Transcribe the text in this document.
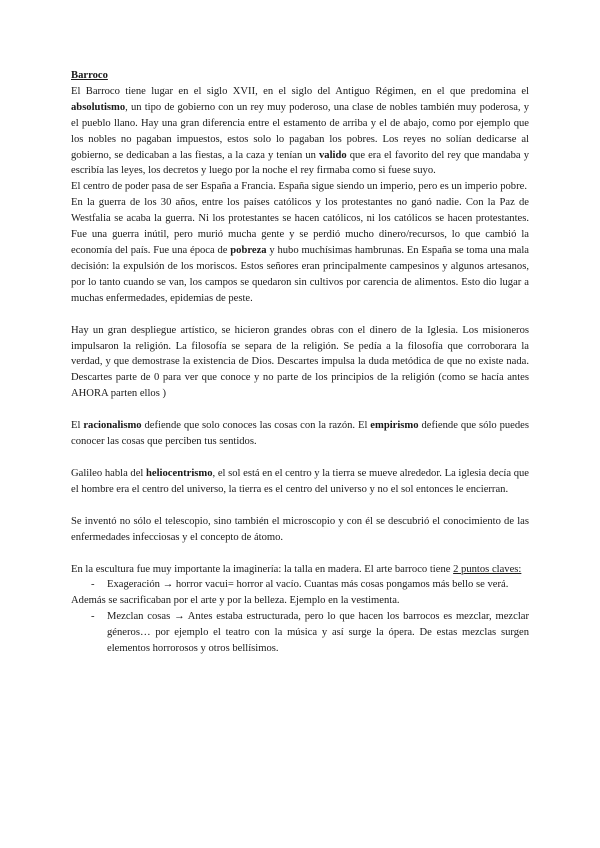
Barroco

El Barroco tiene lugar en el siglo XVII, en el siglo del Antiguo Régimen, en el que predomina el absolutismo, un tipo de gobierno con un rey muy poderoso, una clase de nobles también muy poderosa, y el pueblo llano. Hay una gran diferencia entre el estamento de arriba y el de abajo, como por ejemplo que los nobles no pagaban impuestos, estos solo lo pagaban los pobres. Los reyes no solían dedicarse al gobierno, se dedicaban a las fiestas, a la caza y tenían un valido que era el favorito del rey que mandaba y escribía las leyes, los decretos y luego por la noche el rey firmaba como si fuese suyo.

El centro de poder pasa de ser España a Francia. España sigue siendo un imperio, pero es un imperio pobre.

En la guerra de los 30 años, entre los países católicos y los protestantes no ganó nadie. Con la Paz de Westfalia se acaba la guerra. Ni los protestantes se hacen católicos, ni los católicos se hacen protestantes. Fue una guerra inútil, pero murió mucha gente y se perdió mucho dinero/recursos, lo que cambió la economía del país. Fue una época de pobreza y hubo muchísimas hambrunas. En España se toma una mala decisión: la expulsión de los moriscos. Estos señores eran principalmente campesinos y algunos artesanos, por lo tanto cuando se van, los campos se quedaron sin cultivos por carencia de alimentos. Esto dio lugar a muchas enfermedades, epidemias de peste.

Hay un gran despliegue artístico, se hicieron grandes obras con el dinero de la Iglesia. Los misioneros impulsaron la religión. La filosofía se separa de la religión. Se pedía a la filosofía que corroborara la verdad, y que demostrase la existencia de Dios. Descartes impulsa la duda metódica de que no existe nada. Descartes parte de 0 para ver que conoce y no parte de los principios de la religión (como se hacía antes AHORA parten ellos )

El racionalismo defiende que solo conoces las cosas con la razón. El empirismo defiende que sólo puedes conocer las cosas que perciben tus sentidos.

Galileo habla del heliocentrismo, el sol está en el centro y la tierra se mueve alrededor. La iglesia decía que el hombre era el centro del universo, la tierra es el centro del universo y no el sol entonces le encierran.

Se inventó no sólo el telescopio, sino también el microscopio y con él se descubrió el conocimiento de las enfermedades infecciosas y el concepto de átomo.

En la escultura fue muy importante la imaginería: la talla en madera. El arte barroco tiene 2 puntos claves:

-	Exageración → horror vacui= horror al vacío. Cuantas más cosas pongamos más bello se verá.

Además se sacrificaban por el arte y por la belleza. Ejemplo en la vestimenta.

-	Mezclan cosas → Antes estaba estructurada, pero lo que hacen los barrocos es mezclar, mezclar géneros… por ejemplo el teatro con la música y así surge la ópera. De estas mezclas surgen elementos horrorosos y otros bellísimos.
